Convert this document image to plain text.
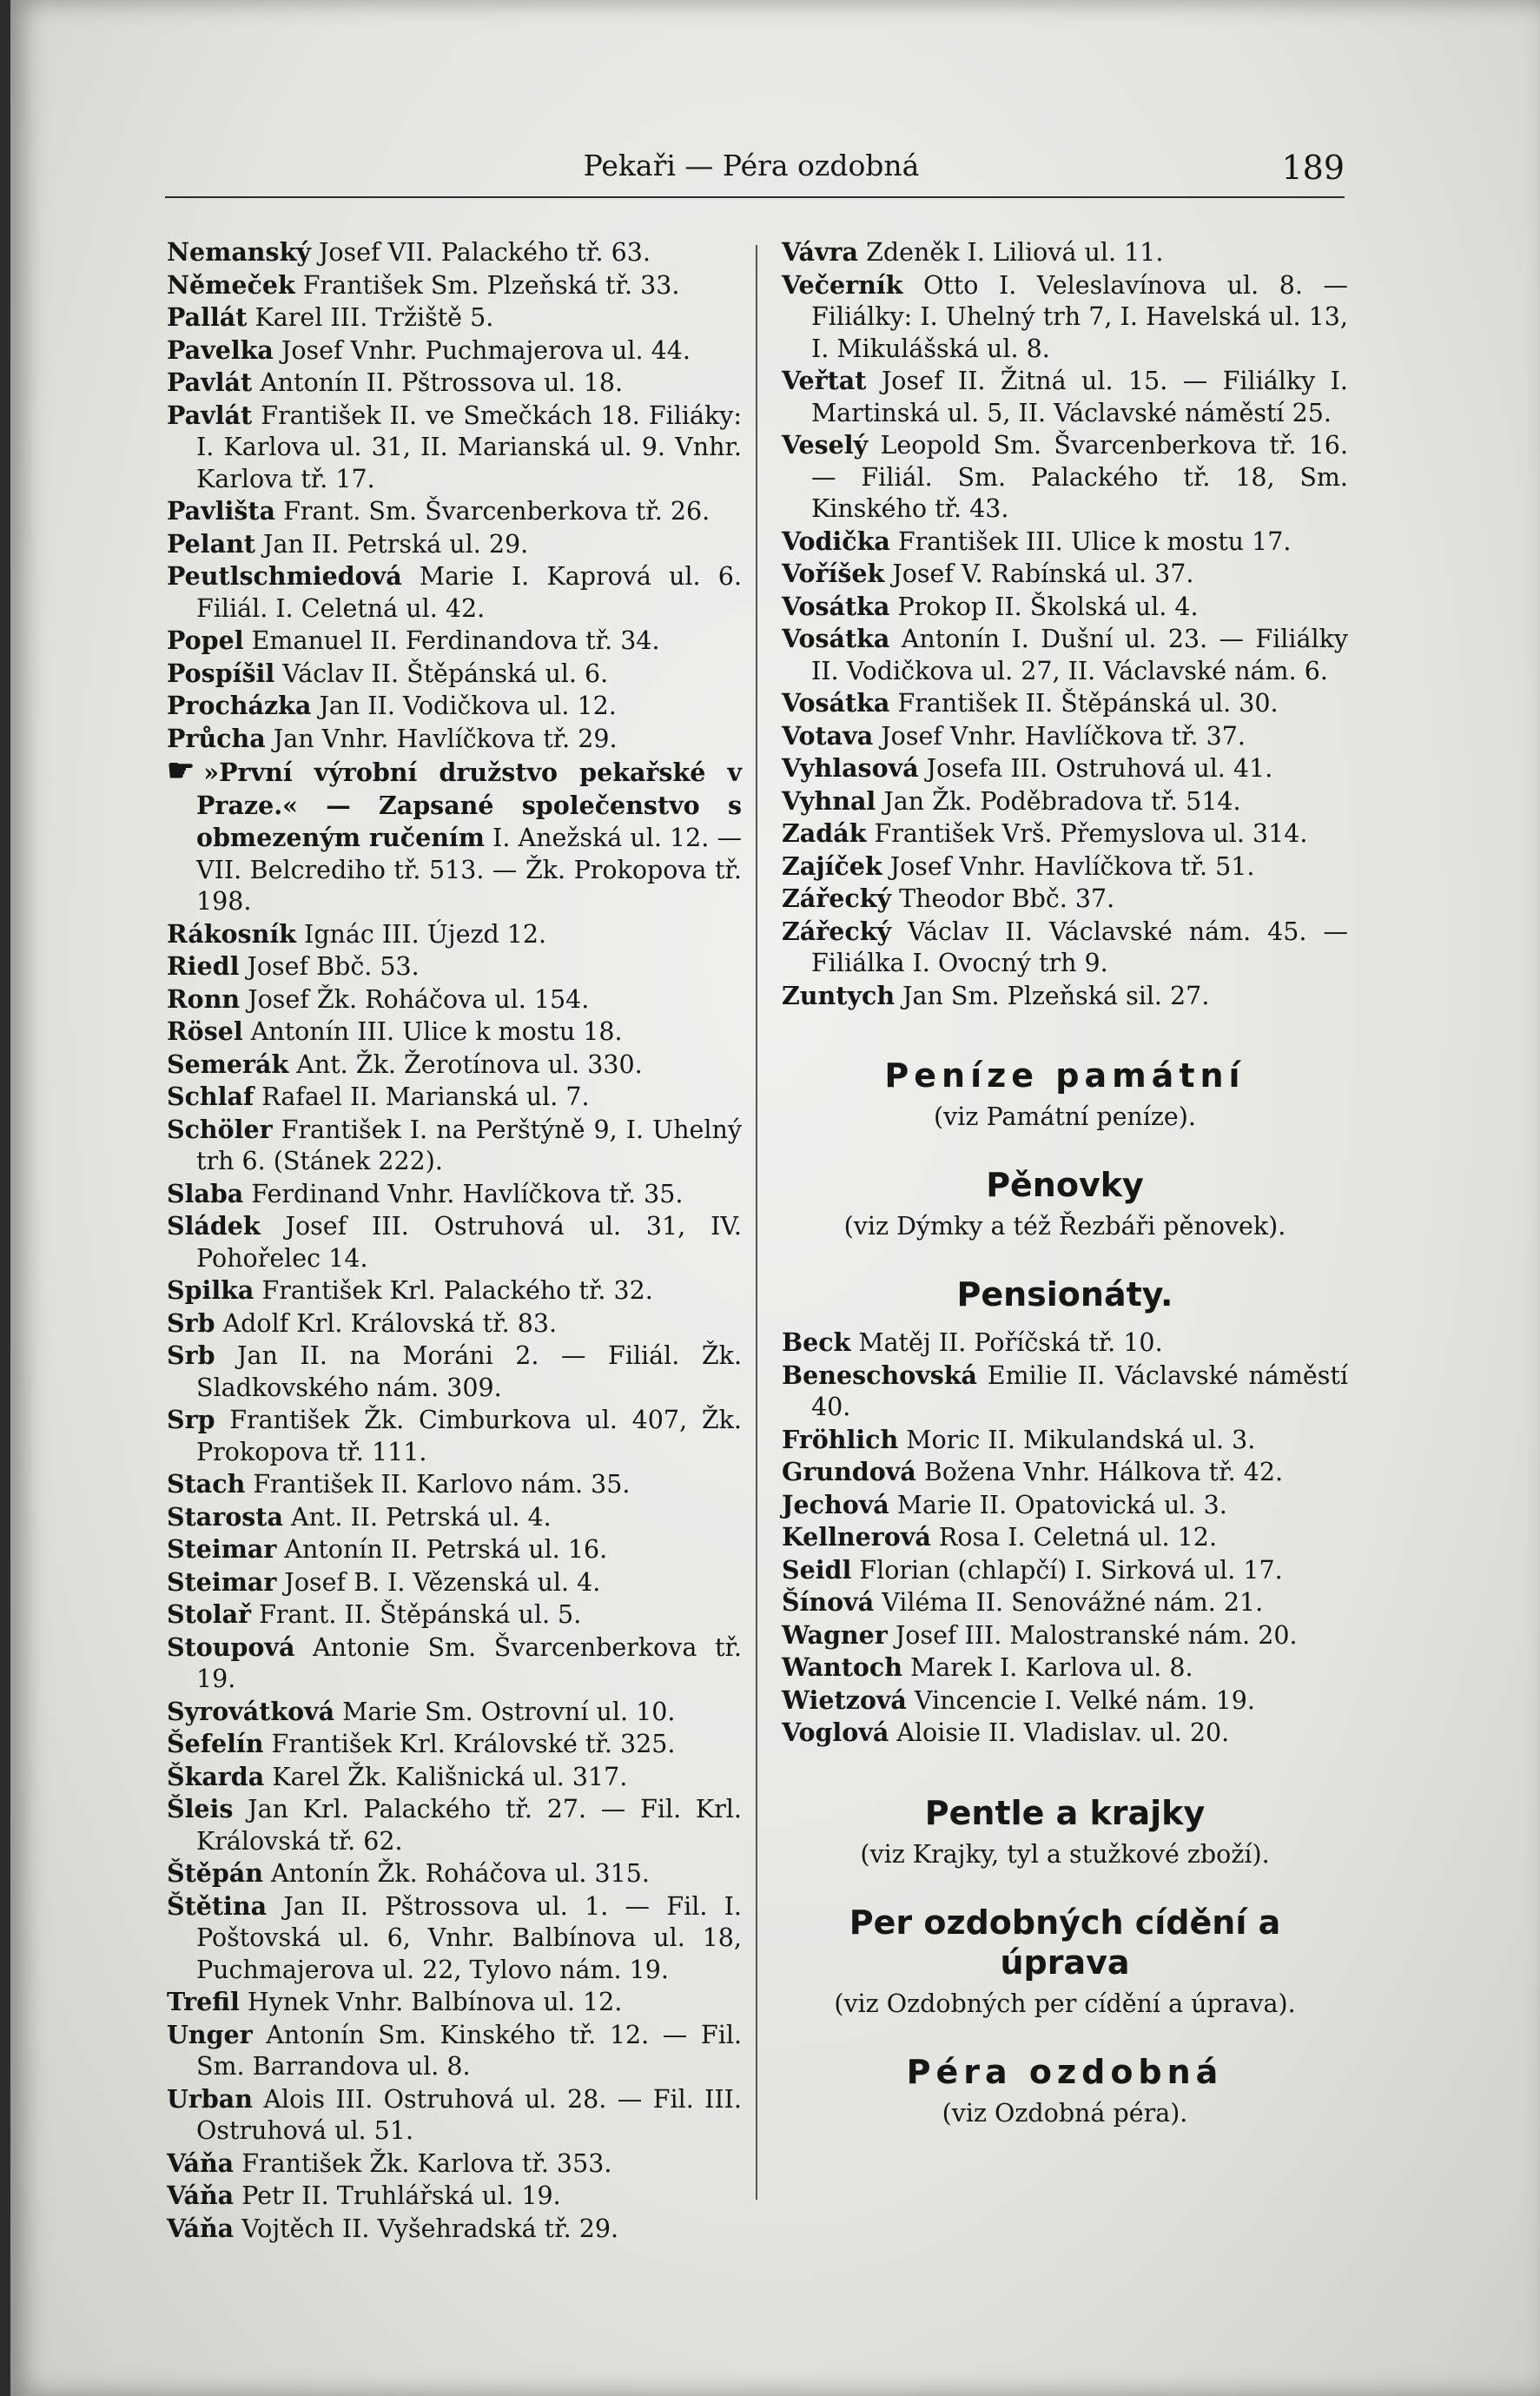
Pekaři — Péra ozdobná	189
Nemanský Josef VII. Palackého tř. 63.
Němeček František Sm. Plzeňská tř. 33.
Pallát Karel III. Tržiště 5.
Pavelka Josef Vnhr. Puchmajerova ul. 44.
Pavlát Antonín II. Pštrossova ul. 18.
Pavlát František II. ve Smečkách 18. Filiáky: I. Karlova ul. 31, II. Marianská ul. 9. Vnhr. Karlova tř. 17.
Pavlišta Frant. Sm. Švarcenberkova tř. 26.
Pelant Jan II. Petrská ul. 29.
Peutlschmiedová Marie I. Kaprová ul. 6. Filiál. I. Celetná ul. 42.
Popel Emanuel II. Ferdinandova tř. 34.
Pospíšil Václav II. Štěpánská ul. 6.
Procházka Jan II. Vodičkova ul. 12.
Průcha Jan Vnhr. Havlíčkova tř. 29.
☛ »První výrobní družstvo pekařské v Praze.« — Zapsané společenstvo s obmezeným ručením I. Anežská ul. 12. — VII. Belcrediho tř. 513. — Žk. Prokopova tř. 198.
Rákosník Ignác III. Újezd 12.
Riedl Josef Bbč. 53.
Ronn Josef Žk. Roháčova ul. 154.
Rösel Antonín III. Ulice k mostu 18.
Semerák Ant. Žk. Žerotínova ul. 330.
Schlaf Rafael II. Marianská ul. 7.
Schöler František I. na Perštýně 9, I. Uhelný trh 6. (Stánek 222).
Slaba Ferdinand Vnhr. Havlíčkova tř. 35.
Sládek Josef III. Ostruhová ul. 31, IV. Pohořelec 14.
Spilka František Krl. Palackého tř. 32.
Srb Adolf Krl. Královská tř. 83.
Srb Jan II. na Moráni 2. — Filiál. Žk. Sladkovského nám. 309.
Srp František Žk. Cimburkova ul. 407, Žk. Prokopova tř. 111.
Stach František II. Karlovo nám. 35.
Starosta Ant. II. Petrská ul. 4.
Steimar Antonín II. Petrská ul. 16.
Steimar Josef B. I. Vězenská ul. 4.
Stolař Frant. II. Štěpánská ul. 5.
Stoupová Antonie Sm. Švarcenberkova tř. 19.
Syrovátková Marie Sm. Ostrovní ul. 10.
Šefelín František Krl. Královské tř. 325.
Škarda Karel Žk. Kališnická ul. 317.
Šleis Jan Krl. Palackého tř. 27. — Fil. Krl. Královská tř. 62.
Štěpán Antonín Žk. Roháčova ul. 315.
Štětina Jan II. Pštrossova ul. 1. — Fil. I. Poštovská ul. 6, Vnhr. Balbínova ul. 18, Puchmajerova ul. 22, Tylovo nám. 19.
Trefil Hynek Vnhr. Balbínova ul. 12.
Unger Antonín Sm. Kinského tř. 12. — Fil. Sm. Barrandova ul. 8.
Urban Alois III. Ostruhová ul. 28. — Fil. III. Ostruhová ul. 51.
Váňa František Žk. Karlova tř. 353.
Váňa Petr II. Truhlářská ul. 19.
Váňa Vojtěch II. Vyšehradská tř. 29.
Vávra Zdeněk I. Liliová ul. 11.
Večerník Otto I. Veleslavínova ul. 8. — Filiálky: I. Uhelný trh 7, I. Havelská ul. 13, I. Mikulášská ul. 8.
Veřtat Josef II. Žitná ul. 15. — Filiálky I. Martinská ul. 5, II. Václavské náměstí 25.
Veselý Leopold Sm. Švarcenberkova tř. 16. — Filiál. Sm. Palackého tř. 18, Sm. Kinského tř. 43.
Vodička František III. Ulice k mostu 17.
Voříšek Josef V. Rabínská ul. 37.
Vosátka Prokop II. Školská ul. 4.
Vosátka Antonín I. Dušní ul. 23. — Filiálky II. Vodičkova ul. 27, II. Václavské nám. 6.
Vosátka František II. Štěpánská ul. 30.
Votava Josef Vnhr. Havlíčkova tř. 37.
Vyhlasová Josefa III. Ostruhová ul. 41.
Vyhnal Jan Žk. Poděbradova tř. 514.
Zadák František Vrš. Přemyslova ul. 314.
Zajíček Josef Vnhr. Havlíčkova tř. 51.
Zářecký Theodor Bbč. 37.
Zářecký Václav II. Václavské nám. 45. — Filiálka I. Ovocný trh 9.
Zuntych Jan Sm. Plzeňská sil. 27.
Peníze památní
(viz Památní peníze).
Pěnovky
(viz Dýmky a též Řezbáři pěnovek).
Pensionáty.
Beck Matěj II. Poříčská tř. 10.
Beneschovská Emilie II. Václavské náměstí 40.
Fröhlich Moric II. Mikulandská ul. 3.
Grundová Božena Vnhr. Hálkova tř. 42.
Jechová Marie II. Opatovická ul. 3.
Kellnerová Rosa I. Celetná ul. 12.
Seidl Florian (chlapčí) I. Sirková ul. 17.
Šínová Viléma II. Senovážné nám. 21.
Wagner Josef III. Malostranské nám. 20.
Wantoch Marek I. Karlova ul. 8.
Wietzová Vincencie I. Velké nám. 19.
Voglová Aloisie II. Vladislav. ul. 20.
Pentle a krajky
(viz Krajky, tyl a stužkové zboží).
Per ozdobných cídění a úprava
(viz Ozdobných per cídění a úprava).
Péra ozdobná
(viz Ozdobná péra).
